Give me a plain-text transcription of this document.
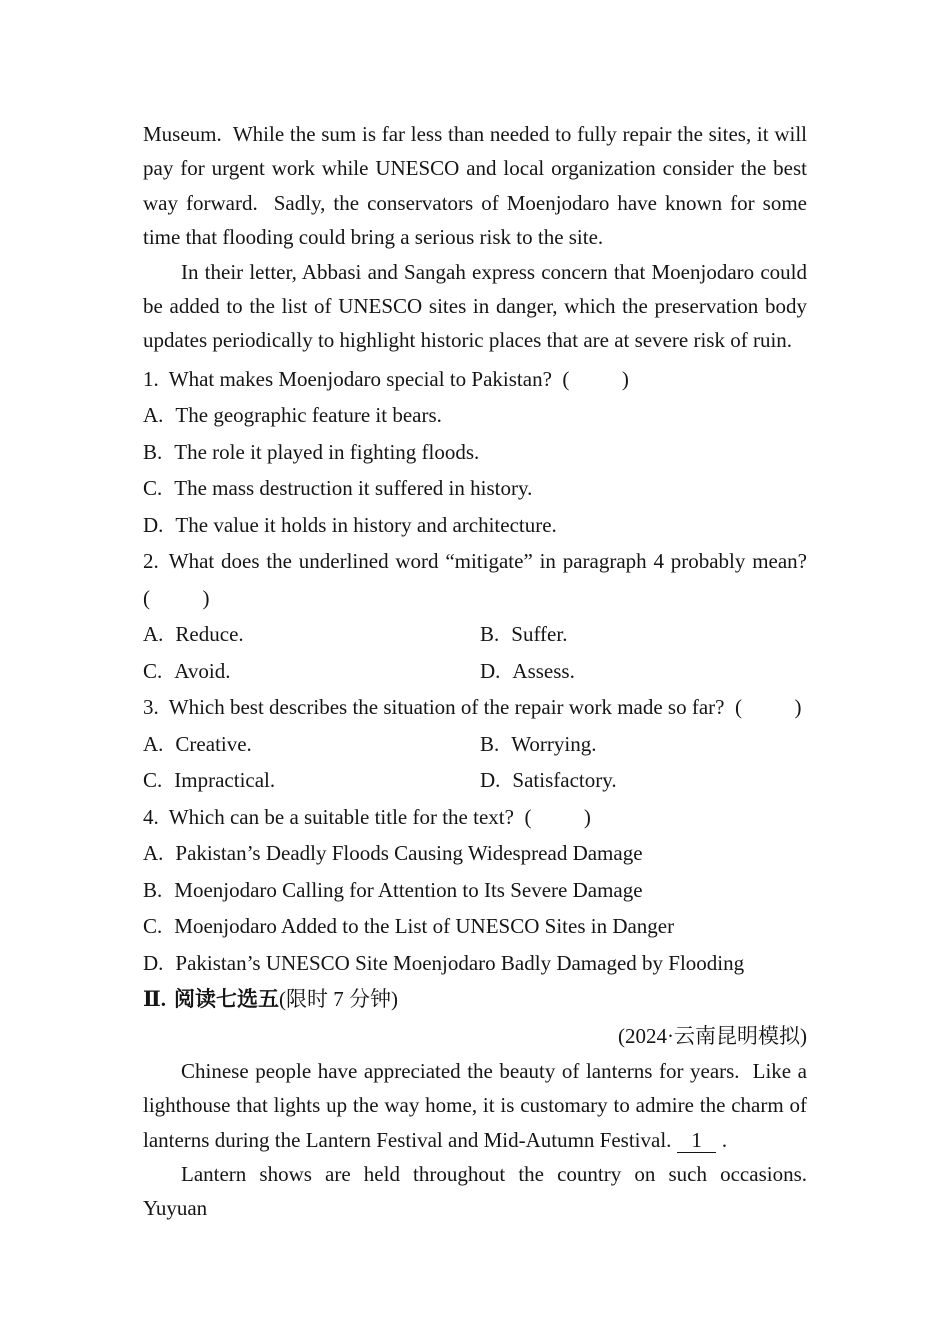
Museum.  While the sum is far less than needed to fully repair the sites, it will pay for urgent work while UNESCO and local organization consider the best way forward.  Sadly, the conservators of Moenjodaro have known for some time that flooding could bring a serious risk to the site.

In their letter, Abbasi and Sangah express concern that Moenjodaro could be added to the list of UNESCO sites in danger, which the preservation body updates periodically to highlight historic places that are at severe risk of ruin.

1. What makes Moenjodaro special to Pakistan?  (          )

A. The geographic feature it bears.

B. The role it played in fighting floods.

C. The mass destruction it suffered in history.

D. The value it holds in history and architecture.

2. What does the underlined word “mitigate” in paragraph 4 probably mean?  (          )

A. Reduce.	B. Suffer.
C. Avoid.	D. Assess.

3. Which best describes the situation of the repair work made so far?  (          )

A. Creative.	B. Worrying.
C. Impractical.	D. Satisfactory.

4. Which can be a suitable title for the text?  (          )

A. Pakistan’s Deadly Floods Causing Widespread Damage

B. Moenjodaro Calling for Attention to Its Severe Damage

C. Moenjodaro Added to the List of UNESCO Sites in Danger

D. Pakistan’s UNESCO Site Moenjodaro Badly Damaged by Flooding

Ⅱ. 阅读七选五(限时 7 分钟)

(2024·云南昆明模拟)

Chinese people have appreciated the beauty of lanterns for years.  Like a lighthouse that lights up the way home, it is customary to admire the charm of lanterns during the Lantern Festival and Mid-Autumn Festival. 1 .

Lantern shows are held throughout the country on such occasions.  Yuyuan
